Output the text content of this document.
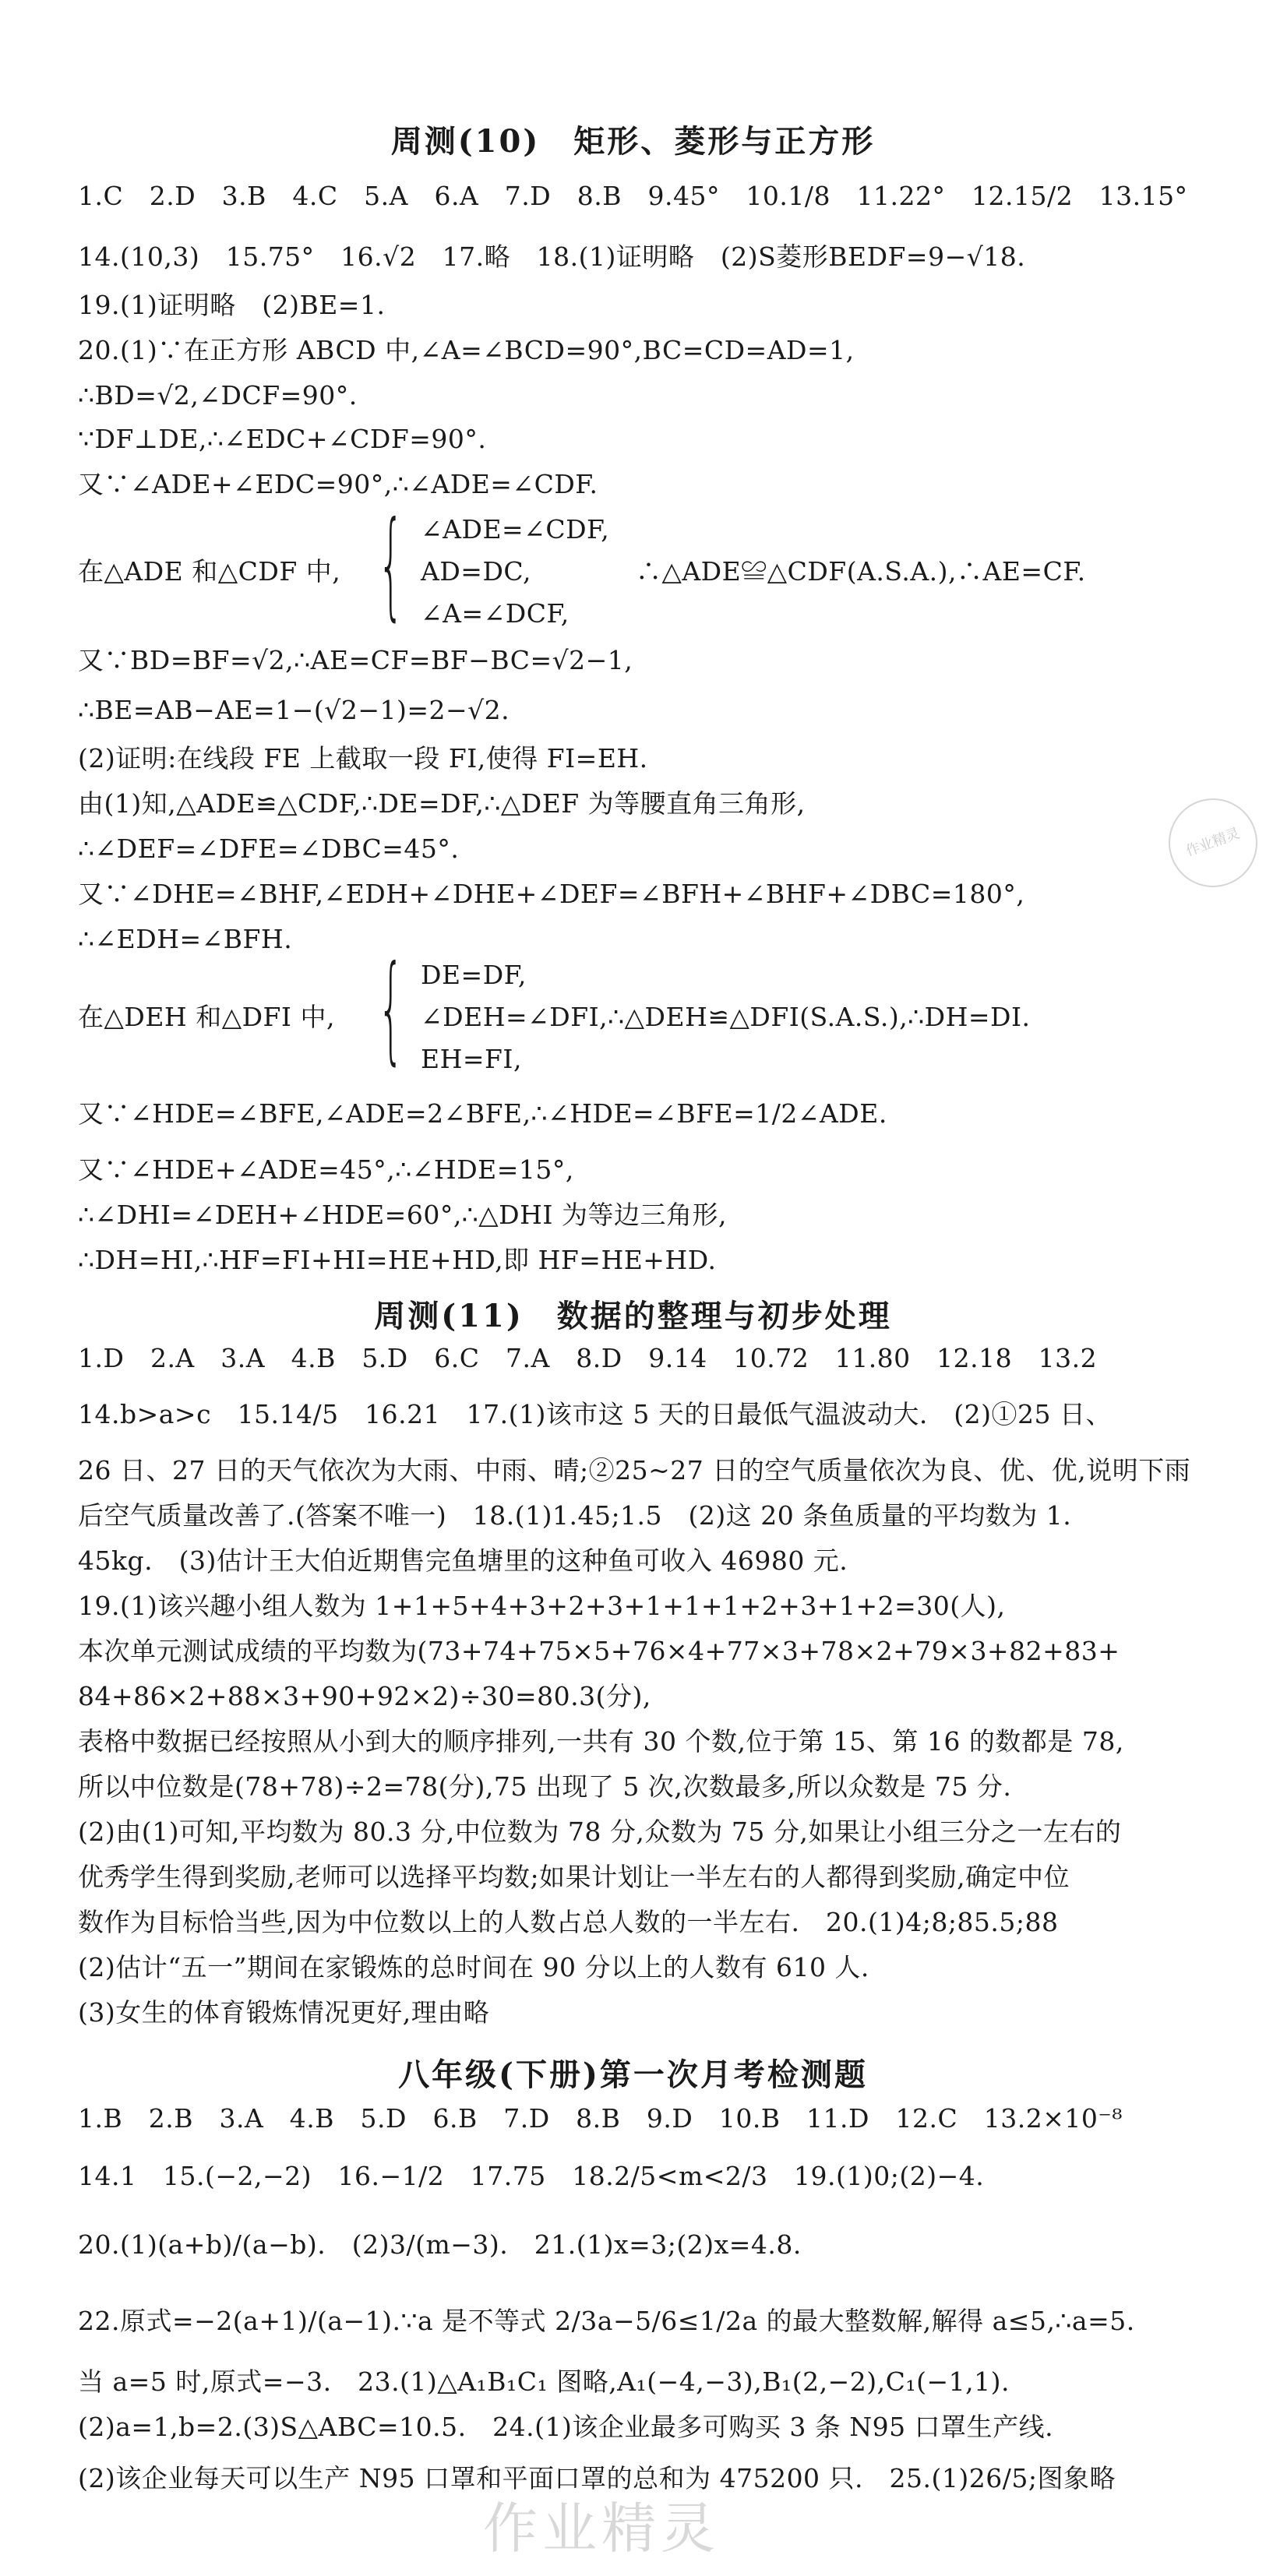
周测(10)　矩形、菱形与正方形
1.C　2.D　3.B　4.C　5.A　6.A　7.D　8.B　9.45°　10.1/8　11.22°　12.15/2　13.15°
14.(10,3)　15.75°　16.√2　17.略　18.(1)证明略　(2)S菱形BEDF=9−√18.
19.(1)证明略　(2)BE=1.
20.(1)∵在正方形 ABCD 中,∠A=∠BCD=90°,BC=CD=AD=1,
∴BD=√2,∠DCF=90°.
∵DF⊥DE,∴∠EDC+∠CDF=90°.
又∵∠ADE+∠EDC=90°,∴∠ADE=∠CDF.
在△ADE 和△CDF 中, { ∠ADE=∠CDF,
AD=DC,　　　　∴△ADE≌△CDF(A.S.A.),∴AE=CF.
∠A=∠DCF,
又∵BD=BF=√2,∴AE=CF=BF−BC=√2−1,
∴BE=AB−AE=1−(√2−1)=2−√2.
(2)证明:在线段 FE 上截取一段 FI,使得 FI=EH.
由(1)知,△ADE≌△CDF,∴DE=DF,∴△DEF 为等腰直角三角形,
∴∠DEF=∠DFE=∠DBC=45°.
又∵∠DHE=∠BHF,∠EDH+∠DHE+∠DEF=∠BFH+∠BHF+∠DBC=180°,
∴∠EDH=∠BFH.
{ DE=DF,
在△DEH 和△DFI 中,	∠DEH=∠DFI,∴△DEH≌△DFI(S.A.S.),∴DH=DI.
EH=FI,
又∵∠HDE=∠BFE,∠ADE=2∠BFE,∴∠HDE=∠BFE=1/2∠ADE.
又∵∠HDE+∠ADE=45°,∴∠HDE=15°,
∴∠DHI=∠DEH+∠HDE=60°,∴△DHI 为等边三角形,
∴DH=HI,∴HF=FI+HI=HE+HD,即 HF=HE+HD.
周测(11)　数据的整理与初步处理
1.D　2.A　3.A　4.B　5.D　6.C　7.A　8.D　9.14　10.72　11.80　12.18　13.2
14.b>a>c　15.14/5　16.21　17.(1)该市这 5 天的日最低气温波动大.　(2)①25 日、
26 日、27 日的天气依次为大雨、中雨、晴;②25~27 日的空气质量依次为良、优、优,说明下雨
后空气质量改善了.(答案不唯一)　18.(1)1.45;1.5　(2)这 20 条鱼质量的平均数为 1.
45kg.　(3)估计王大伯近期售完鱼塘里的这种鱼可收入 46980 元.
19.(1)该兴趣小组人数为 1+1+5+4+3+2+3+1+1+1+2+3+1+2=30(人),
本次单元测试成绩的平均数为(73+74+75×5+76×4+77×3+78×2+79×3+82+83+
84+86×2+88×3+90+92×2)÷30=80.3(分),
表格中数据已经按照从小到大的顺序排列,一共有 30 个数,位于第 15、第 16 的数都是 78,
所以中位数是(78+78)÷2=78(分),75 出现了 5 次,次数最多,所以众数是 75 分.
(2)由(1)可知,平均数为 80.3 分,中位数为 78 分,众数为 75 分,如果让小组三分之一左右的
优秀学生得到奖励,老师可以选择平均数;如果计划让一半左右的人都得到奖励,确定中位
数作为目标恰当些,因为中位数以上的人数占总人数的一半左右.　20.(1)4;8;85.5;88
(2)估计“五一”期间在家锻炼的总时间在 90 分以上的人数有 610 人.
(3)女生的体育锻炼情况更好,理由略
八年级(下册)第一次月考检测题
1.B　2.B　3.A　4.B　5.D　6.B　7.D　8.B　9.D　10.B　11.D　12.C　13.2×10⁻⁸
14.1　15.(−2,−2)　16.−1/2　17.75　18.2/5<m<2/3　19.(1)0;(2)−4.
20.(1)(a+b)/(a−b).　(2)3/(m−3).　21.(1)x=3;(2)x=4.8.
22.原式=−2(a+1)/(a−1).∵a 是不等式 2/3a−5/6≤1/2a 的最大整数解,解得 a≤5,∴a=5.
当 a=5 时,原式=−3.　23.(1)△A₁B₁C₁ 图略,A₁(−4,−3),B₁(2,−2),C₁(−1,1).
(2)a=1,b=2.(3)S△ABC=10.5.　24.(1)该企业最多可购买 3 条 N95 口罩生产线.
(2)该企业每天可以生产 N95 口罩和平面口罩的总和为 475200 只.　25.(1)26/5;图象略
作业精灵
作业精灵
